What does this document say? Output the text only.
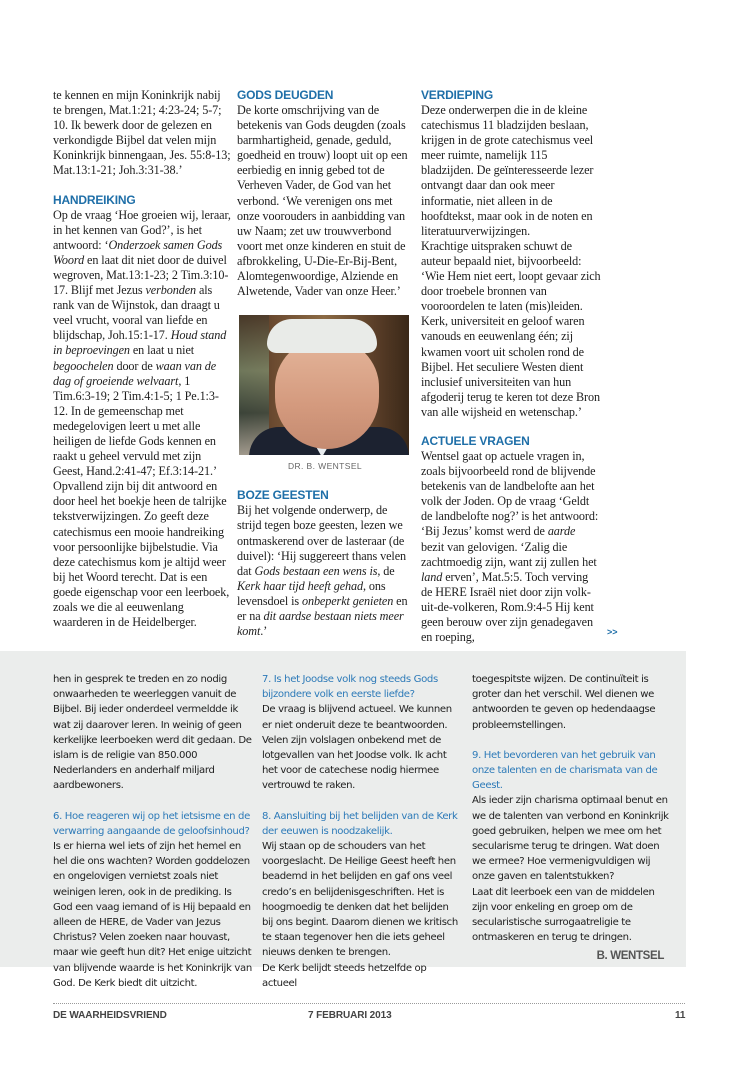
te kennen en mijn Koninkrijk nabij te brengen, Mat.1:21; 4:23-24; 5-7; 10. Ik bewerk door de gelezen en verkondigde Bijbel dat velen mijn Koninkrijk binnengaan, Jes. 55:8-13; Mat.13:1-21; Joh.3:31-38.’

HANDREIKING

Op de vraag ‘Hoe groeien wij, leraar, in het kennen van God?’, is het antwoord: ‘Onderzoek samen Gods Woord en laat dit niet door de duivel wegroven, Mat.13:1-23; 2 Tim.3:10-17. Blijf met Jezus verbonden als rank van de Wijnstok, dan draagt u veel vrucht, vooral van liefde en blijdschap, Joh.15:1-17. Houd stand in beproevingen en laat u niet begoochelen door de waan van de dag of groeiende welvaart, 1 Tim.6:3-19; 2 Tim.4:1-5; 1 Pe.1:3-12. In de gemeenschap met medegelovigen leert u met alle heiligen de liefde Gods kennen en raakt u geheel vervuld met zijn Geest, Hand.2:41-47; Ef.3:14-21.’

Opvallend zijn bij dit antwoord en door heel het boekje heen de talrijke tekstverwijzingen. Zo geeft deze catechismus een mooie handreiking voor persoonlijke bijbelstudie. Via deze catechismus kom je altijd weer bij het Woord terecht. Dat is een goede eigenschap voor een leerboek, zoals we die al eeuwenlang waarderen in de Heidelberger.

GODS DEUGDEN

De korte omschrijving van de betekenis van Gods deugden (zoals barmhartigheid, genade, geduld, goedheid en trouw) loopt uit op een eerbiedig en innig gebed tot de Verheven Vader, de God van het verbond. ‘We verenigen ons met onze voorouders in aanbidding van uw Naam; zet uw trouwverbond voort met onze kinderen en stuit de afbrokkeling, U-Die-Er-Bij-Bent, Alomtegenwoordige, Alziende en Alwetende, Vader van onze Heer.’

DR. B. WENTSEL
BOZE GEESTEN

Bij het volgende onderwerp, de strijd tegen boze geesten, lezen we ontmaskerend over de lasteraar (de duivel): ‘Hij suggereert thans velen dat Gods bestaan een wens is, de Kerk haar tijd heeft gehad, ons levensdoel is onbeperkt genieten en er na dit aardse bestaan niets meer komt.’

VERDIEPING

Deze onderwerpen die in de kleine catechismus 11 bladzijden beslaan, krijgen in de grote catechismus veel meer ruimte, namelijk 115 bladzijden. De geïnteresseerde lezer ontvangt daar dan ook meer informatie, niet alleen in de hoofdtekst, maar ook in de noten en literatuurverwijzingen.

Krachtige uitspraken schuwt de auteur bepaald niet, bijvoorbeeld: ‘Wie Hem niet eert, loopt gevaar zich door troebele bronnen van vooroordelen te laten (mis)leiden. Kerk, universiteit en geloof waren vanouds en eeuwenlang één; zij kwamen voort uit scholen rond de Bijbel. Het seculiere Westen dient inclusief universiteiten van hun afgoderij terug te keren tot deze Bron van alle wijsheid en wetenschap.’

ACTUELE VRAGEN

Wentsel gaat op actuele vragen in, zoals bijvoorbeeld rond de blijvende betekenis van de landbelofte aan het volk der Joden. Op de vraag ‘Geldt de landbelofte nog?’ is het antwoord: ‘Bij Jezus’ komst werd de aarde bezit van gelovigen. ‘Zalig die zachtmoedig zijn, want zij zullen het land erven’, Mat.5:5. Toch verving de HERE Israël niet door zijn volk-uit-de-volkeren, Rom.9:4-5 Hij kent geen berouw over zijn genadegaven en roeping,	>>

hen in gesprek te treden en zo nodig onwaarheden te weerleggen vanuit de Bijbel. Bij ieder onderdeel vermeldde ik wat zij daarover leren. In weinig of geen kerkelijke leerboeken werd dit gedaan. De islam is de religie van 850.000 Nederlanders en anderhalf miljard aardbewoners.

6. Hoe reageren wij op het ietsisme en de verwarring aangaande de geloofsinhoud?

Is er hierna wel iets of zijn het hemel en hel die ons wachten? Worden goddelozen en ongelovigen vernietst zoals niet weinigen leren, ook in de prediking. Is God een vaag iemand of is Hij bepaald en alleen de HERE, de Vader van Jezus Christus? Velen zoeken naar houvast, maar wie geeft hun dit? Het enige uitzicht van blijvende waarde is het Koninkrijk van God. De Kerk biedt dit uitzicht.

7. Is het Joodse volk nog steeds Gods bijzondere volk en eerste liefde?

De vraag is blijvend actueel. We kunnen er niet onderuit deze te beantwoorden. Velen zijn volslagen onbekend met de lotgevallen van het Joodse volk. Ik acht het voor de catechese nodig hiermee vertrouwd te raken.

8. Aansluiting bij het belijden van de Kerk der eeuwen is noodzakelijk.

Wij staan op de schouders van het voorgeslacht. De Heilige Geest heeft hen beademd in het belijden en gaf ons veel credo’s en belijdenisgeschriften. Het is hoogmoedig te denken dat het belijden bij ons begint. Daarom dienen we kritisch te staan tegenover hen die iets geheel nieuws denken te brengen.

De Kerk belijdt steeds hetzelfde op actueel

toegespitste wijzen. De continuïteit is groter dan het verschil. Wel dienen we antwoorden te geven op hedendaagse probleemstellingen.

9. Het bevorderen van het gebruik van onze talenten en de charismata van de Geest.

Als ieder zijn charisma optimaal benut en we de talenten van verbond en Koninkrijk goed gebruiken, helpen we mee om het secularisme terug te dringen. Wat doen we ermee? Hoe vermenigvuldigen wij onze gaven en talentstukken?

Laat dit leerboek een van de middelen zijn voor enkeling en groep om de secularistische surrogaatreligie te ontmaskeren en terug te dringen.

B. WENTSEL
DE WAARHEIDSVRIEND	7 FEBRUARI 2013	11
